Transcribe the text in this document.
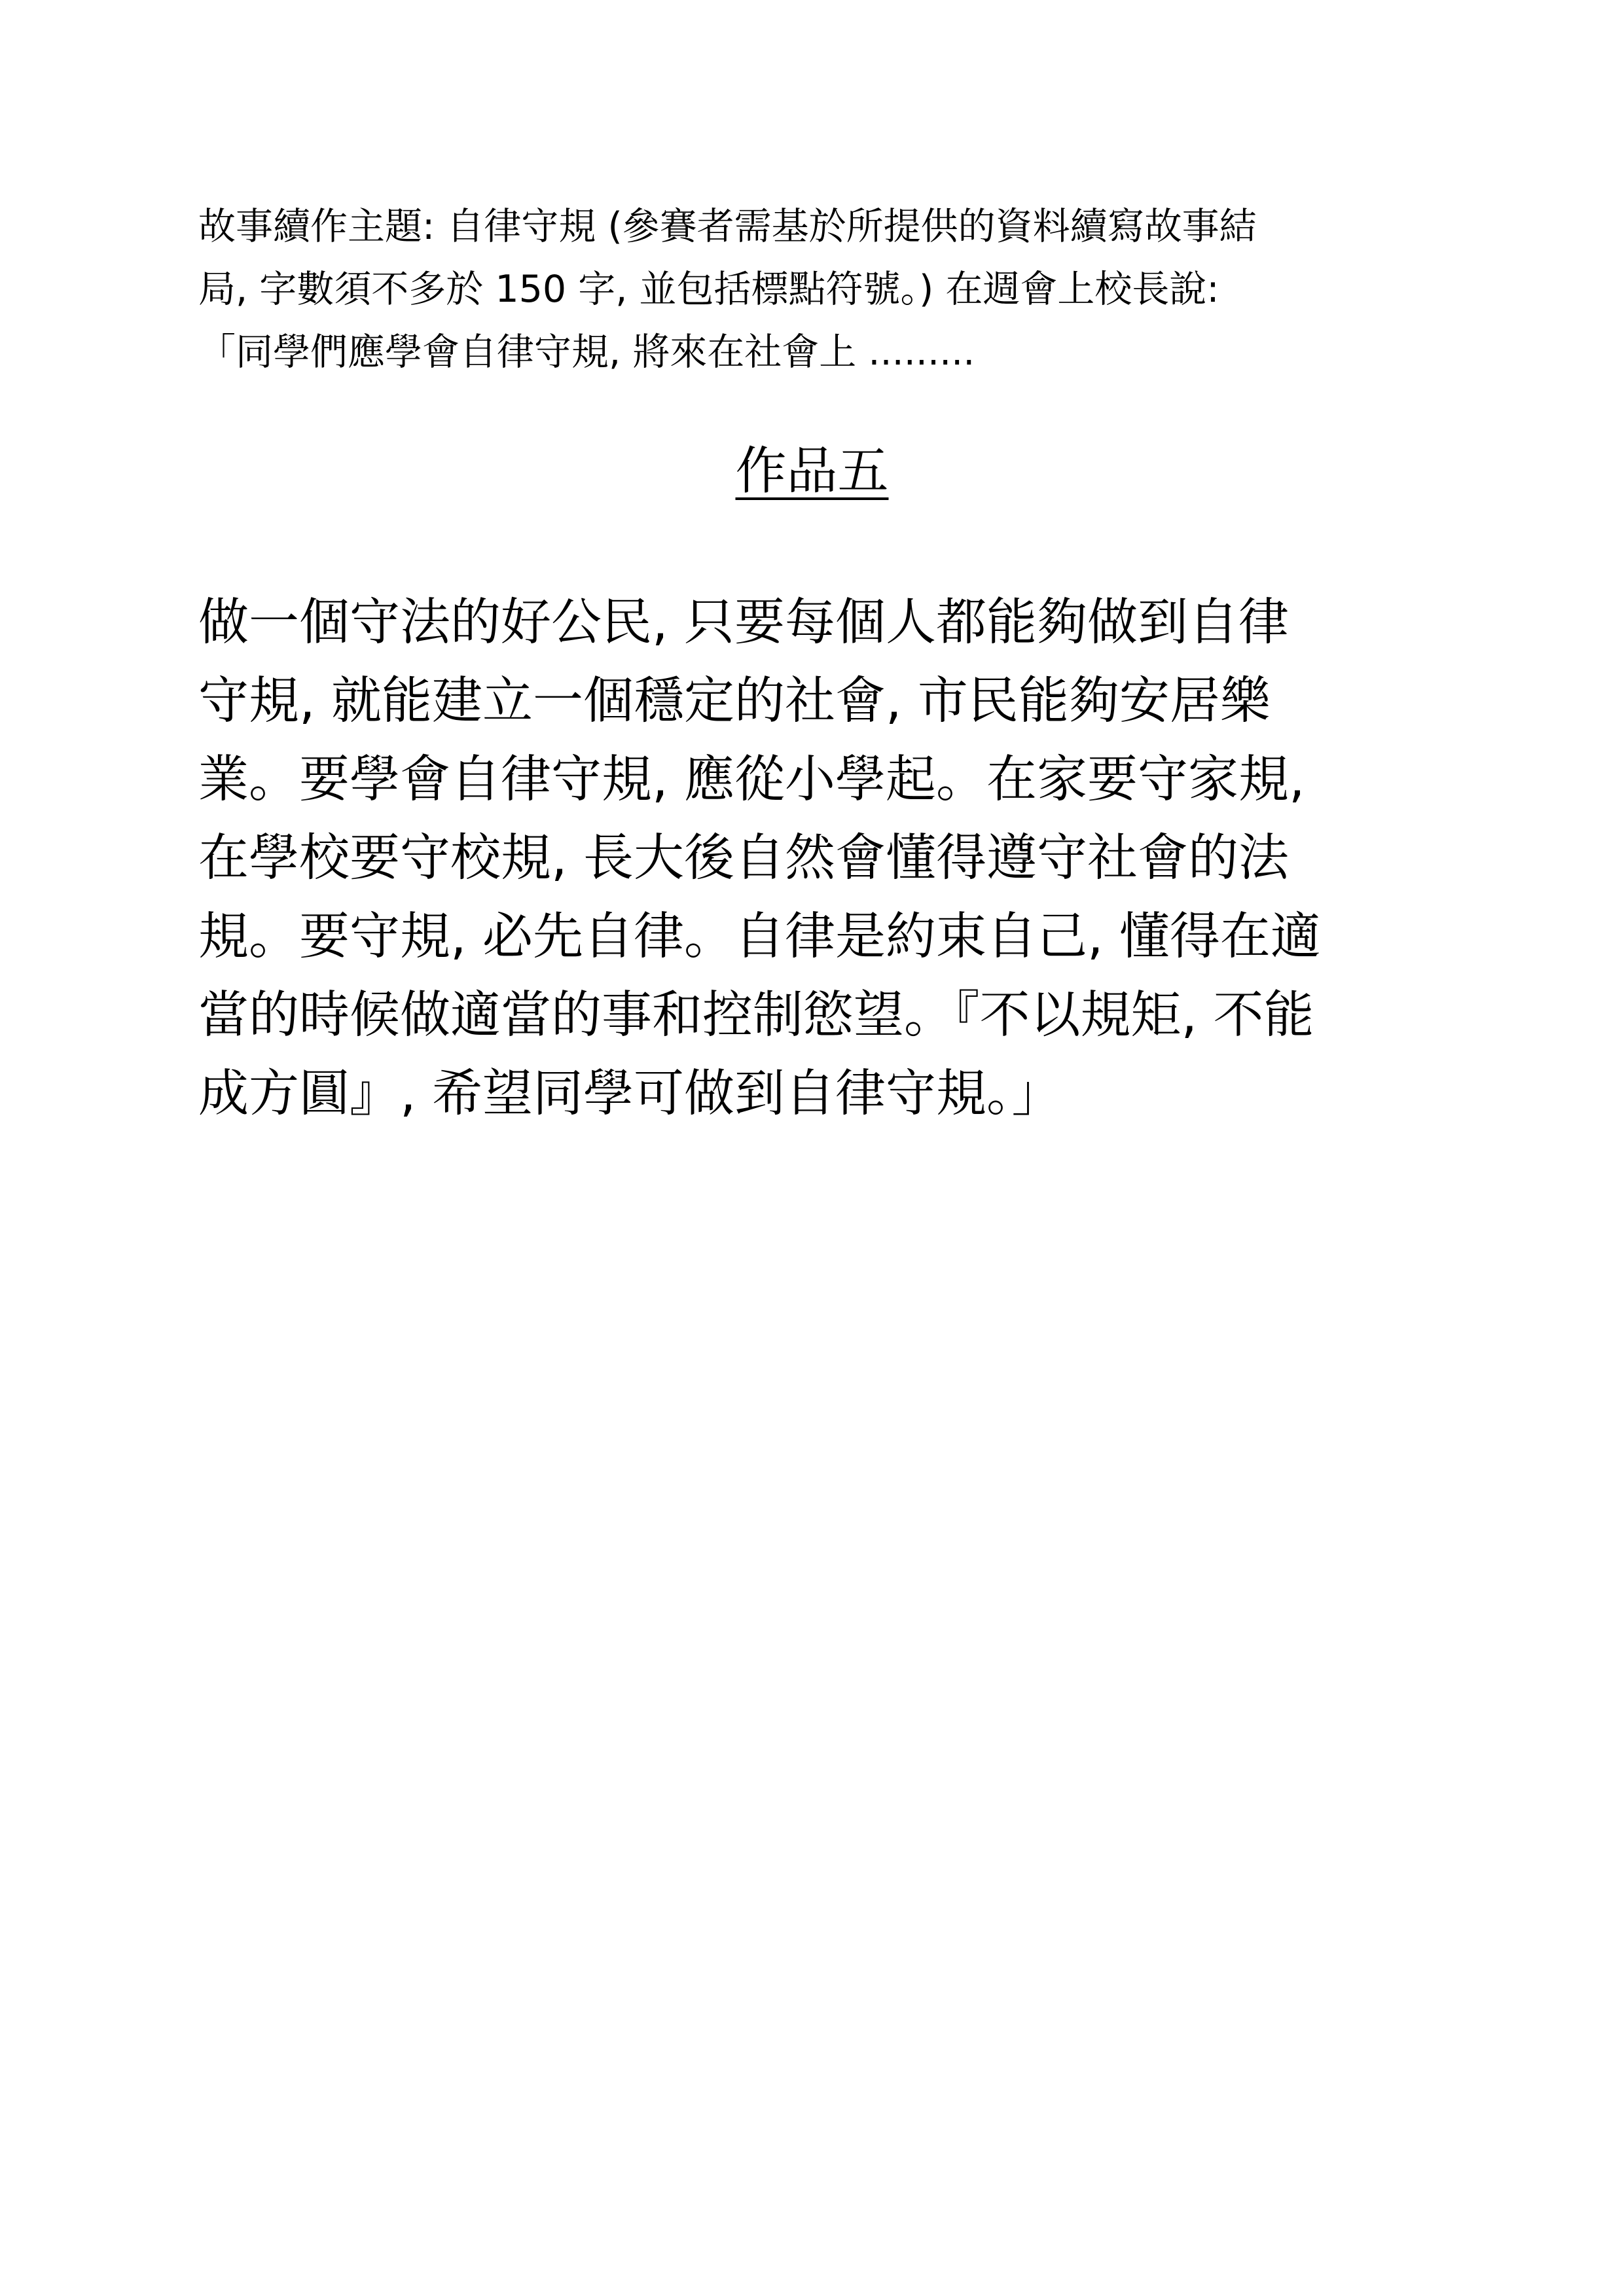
故事續作主題: 自律守規 (參賽者需基於所提供的資料續寫故事結
局, 字數須不多於 150 字, 並包括標點符號。) 在週會上校長說:
「同學們應學會自律守規, 將來在社會上 .........
作品五
做一個守法的好公民, 只要每個人都能夠做到自律
守規, 就能建立一個穩定的社會, 市民能夠安居樂
業。要學會自律守規, 應從小學起。在家要守家規,
在學校要守校規, 長大後自然會懂得遵守社會的法
規。要守規, 必先自律。自律是約束自己, 懂得在適
當的時候做適當的事和控制慾望。『不以規矩, 不能
成方圓』, 希望同學可做到自律守規。」
